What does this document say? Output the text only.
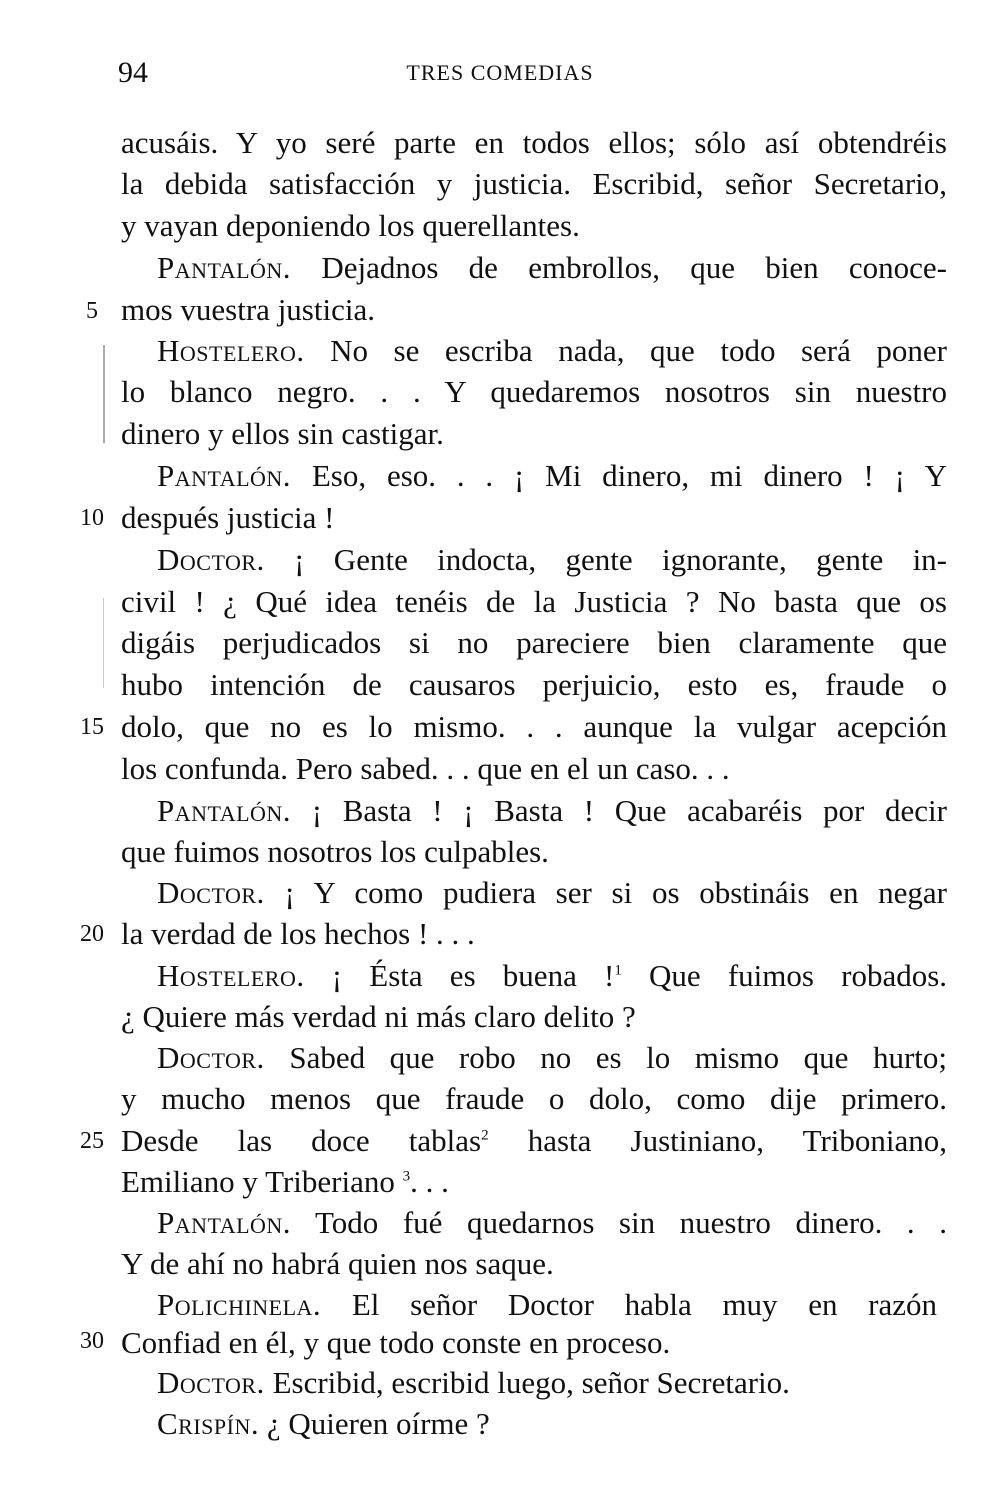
94	TRES COMEDIAS
5
10
15
20
25
30
acusáis. Y yo seré parte en todos ellos; sólo así obtendréis
la debida satisfacción y justicia. Escribid, señor Secretario,
y vayan deponiendo los querellantes.
Pantalón. Dejadnos de embrollos, que bien conoce-
mos vuestra justicia.
Hostelero. No se escriba nada, que todo será poner
lo blanco negro. . . Y quedaremos nosotros sin nuestro
dinero y ellos sin castigar.
Pantalón. Eso, eso. . . ¡ Mi dinero, mi dinero ! ¡ Y
después justicia !
Doctor. ¡ Gente indocta, gente ignorante, gente in-
civil ! ¿ Qué idea tenéis de la Justicia ? No basta que os
digáis perjudicados si no pareciere bien claramente que
hubo intención de causaros perjuicio, esto es, fraude o
dolo, que no es lo mismo. . . aunque la vulgar acepción
los confunda. Pero sabed. . . que en el un caso. . .
Pantalón. ¡ Basta ! ¡ Basta ! Que acabaréis por decir
que fuimos nosotros los culpables.
Doctor. ¡ Y como pudiera ser si os obstináis en negar
la verdad de los hechos ! . . .
Hostelero. ¡ Ésta es buena !$^1$ Que fuimos robados.
¿ Quiere más verdad ni más claro delito ?
Doctor. Sabed que robo no es lo mismo que hurto;
y mucho menos que fraude o dolo, como dije primero.
Desde las doce tablas$^2$ hasta Justiniano, Triboniano,
Emiliano y Triberiano $^3$. . .
Pantalón. Todo fué quedarnos sin nuestro dinero. . .
Y de ahí no habrá quien nos saque.
Polichinela. El señor Doctor habla muy en razón
Confiad en él, y que todo conste en proceso.
Doctor. Escribid, escribid luego, señor Secretario.
Crispín. ¿ Quieren oírme ?
